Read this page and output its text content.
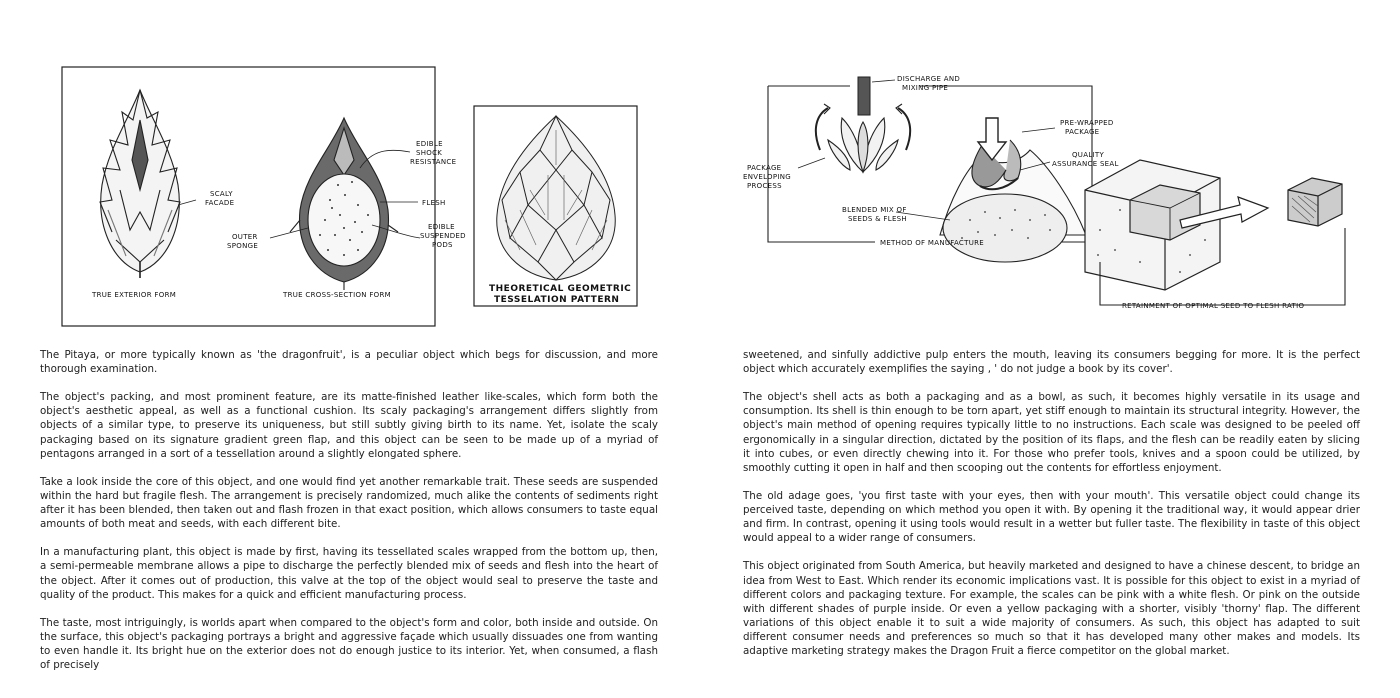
SCALY FACADE
TRUE EXTERIOR FORM
OUTER SPONGE
EDIBLE SHOCK RESISTANCE
FLESH
EDIBLE SUSPENDED PODS
TRUE CROSS-SECTION FORM
THEORETICAL GEOMETRIC TESSELATION PATTERN

The Pitaya, or more typically known as 'the dragonfruit', is a peculiar object which begs for discussion, and more thorough examination.

The object's packing, and most prominent feature, are its matte-finished leather like-scales, which form both the object's aesthetic appeal, as well as a functional cushion. Its scaly packaging's arrangement differs slightly from objects of a similar type, to preserve its uniqueness, but still subtly giving birth to its name. Yet, isolate the scaly packaging based on its signature gradient green flap, and this object can be seen to be made up of a myriad of pentagons arranged in a sort of a tessellation around a slightly elongated sphere.

Take a look inside the core of this object, and one would find yet another remarkable trait. These seeds are suspended within the hard but fragile flesh. The arrangement is precisely randomized, much alike the contents of sediments right after it has been blended, then taken out and flash frozen in that exact position, which allows consumers to taste equal amounts of both meat and seeds, with each different bite.

In a manufacturing plant, this object is made by first, having its tessellated scales wrapped from the bottom up, then, a semi-permeable membrane allows a pipe to discharge the perfectly blended mix of seeds and flesh into the heart of the object. After it comes out of production, this valve at the top of the object would seal to preserve the taste and quality of the product. This makes for a quick and efficient manufacturing process.

The taste, most intriguingly, is worlds apart when compared to the object's form and color, both inside and outside. On the surface, this object's packaging portrays a bright and aggressive façade which usually dissuades one from wanting to even handle it. Its bright hue on the exterior does not do enough justice to its interior. Yet, when consumed, a flash of precisely

DISCHARGE AND MIXING PIPE
PACKAGE ENVELOPING PROCESS
PRE-WRAPPED PACKAGE
QUALITY ASSURANCE SEAL
BLENDED MIX OF SEEDS & FLESH
METHOD OF MANUFACTURE
RETAINMENT OF OPTIMAL SEED TO FLESH RATIO

sweetened, and sinfully addictive pulp enters the mouth, leaving its consumers begging for more. It is the perfect object which accurately exemplifies the saying , ' do not judge a book by its cover'.

The object's shell acts as both a packaging and as a bowl, as such, it becomes highly versatile in its usage and consumption. Its shell is thin enough to be torn apart, yet stiff enough to maintain its structural integrity. However, the object's main method of opening requires typically little to no instructions. Each scale was designed to be peeled off ergonomically in a singular direction, dictated by the position of its flaps, and the flesh can be readily eaten by slicing it into cubes, or even directly chewing into it. For those who prefer tools, knives and a spoon could be utilized, by smoothly cutting it open in half and then scooping out the contents for effortless enjoyment.

The old adage goes, 'you first taste with your eyes, then with your mouth'. This versatile object could change its perceived taste, depending on which method you open it with. By opening it the traditional way, it would appear drier and firm. In contrast, opening it using tools would result in a wetter but fuller taste. The flexibility in taste of this object would appeal to a wider range of consumers.

This object originated from South America, but heavily marketed and designed to have a chinese descent, to bridge an idea from West to East. Which render its economic implications vast. It is possible for this object to exist in a myriad of different colors and packaging texture. For example, the scales can be pink with a white flesh. Or pink on the outside with different shades of purple inside. Or even a yellow packaging with a shorter, visibly 'thorny' flap. The different variations of this object enable it to suit a wide majority of consumers. As such, this object has adapted to suit different consumer needs and preferences so much so that it has developed many other makes and models. Its adaptive marketing strategy makes the Dragon Fruit a fierce competitor on the global market.
